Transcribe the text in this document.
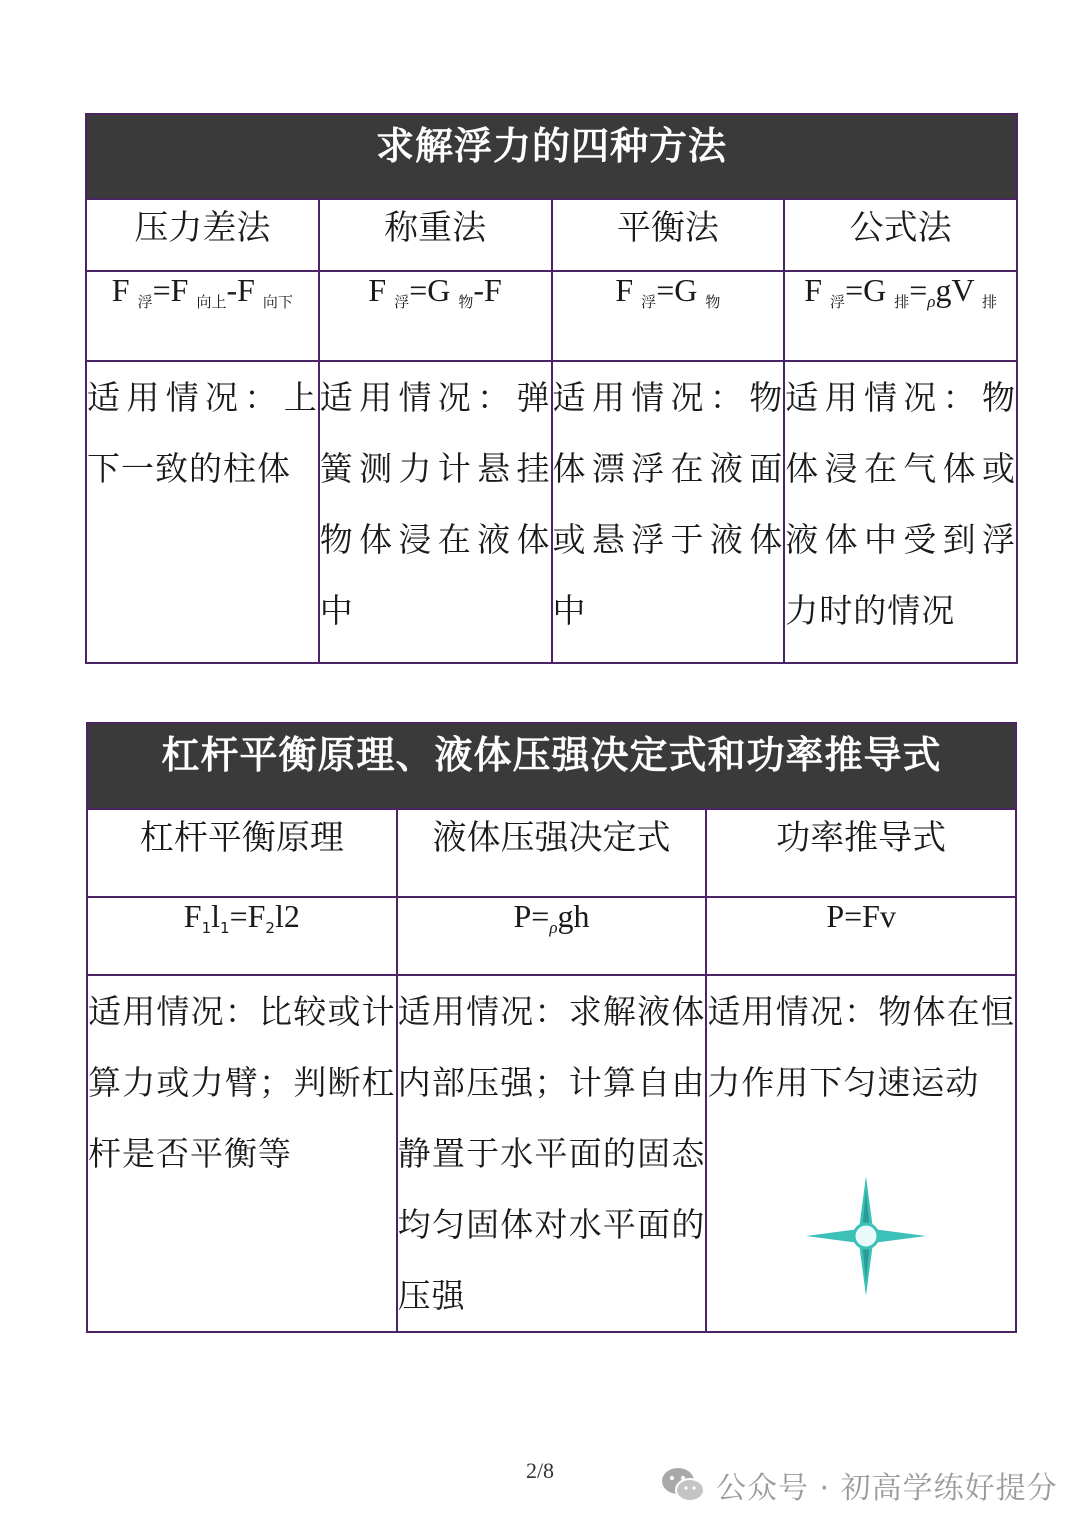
求解浮力的四种方法			
压力差法	称重法	平衡法	公式法
F $_浮$=F $_{向上}$-F $_{向下}$	F $_浮$=G $_物$-F	F $_浮$=G $_物$	F $_浮$=G $_排$=ρgV $_排$
适用情况：上下一致的柱体	适用情况：弹簧测力计悬挂物体浸在液体中	适用情况：物体漂浮在液面或悬浮于液体中	适用情况：物体浸在气体或液体中受到浮力时的情况
杠杆平衡原理、液体压强决定式和功率推导式		
杠杆平衡原理	液体压强决定式	功率推导式
$F_1l_1=F_2l2$	P=ρgh	P=Fv
适用情况：比较或计算力或力臂；判断杠杆是否平衡等	适用情况：求解液体内部压强；计算自由静置于水平面的固态均匀固体对水平面的压强	适用情况：物体在恒力作用下匀速运动
2/8
公众号 · 初高学练好提分
